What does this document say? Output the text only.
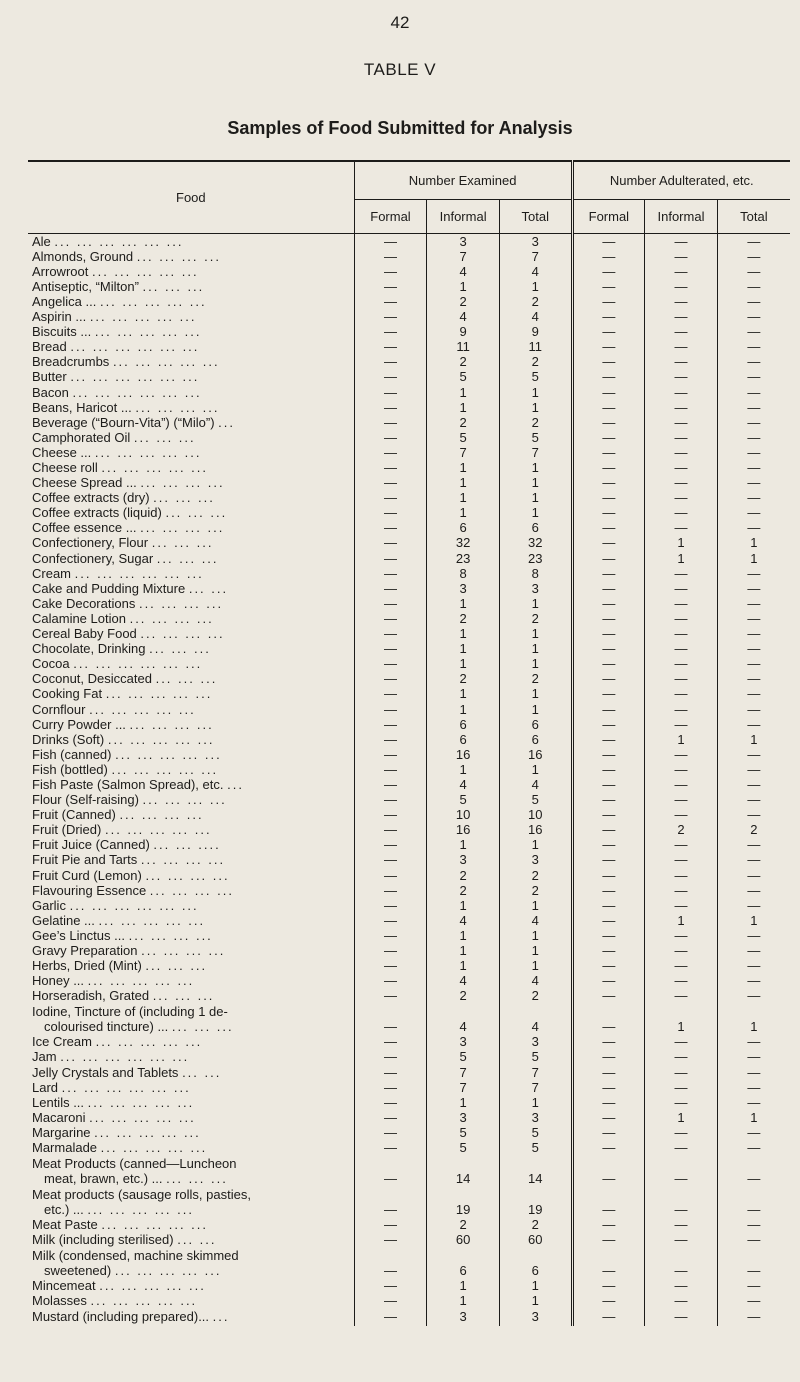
42
TABLE V
Samples of Food Submitted for Analysis
Food	Number Examined			Number Adulterated, etc.		
	Formal	Informal	Total	Formal	Informal	Total
Ale ... ... ... ... ... ...	—	3	3	—	—	—
Almonds, Ground ... ... ... ...	—	7	7	—	—	—
Arrowroot ... ... ... ... ...	—	4	4	—	—	—
Antiseptic, “Milton” ... ... ...	—	1	1	—	—	—
Angelica ... ... ... ... ... ...	—	2	2	—	—	—
Aspirin ... ... ... ... ... ...	—	4	4	—	—	—
Biscuits ... ... ... ... ... ...	—	9	9	—	—	—
Bread ... ... ... ... ... ...	—	11	11	—	—	—
Breadcrumbs ... ... ... ... ...	—	2	2	—	—	—
Butter ... ... ... ... ... ...	—	5	5	—	—	—
Bacon ... ... ... ... ... ...	—	1	1	—	—	—
Beans, Haricot ... ... ... ... ...	—	1	1	—	—	—
Beverage (“Bourn-Vita”) (“Milo”) ...	—	2	2	—	—	—
Camphorated Oil ... ... ...	—	5	5	—	—	—
Cheese ... ... ... ... ... ...	—	7	7	—	—	—
Cheese roll ... ... ... ... ...	—	1	1	—	—	—
Cheese Spread ... ... ... ... ...	—	1	1	—	—	—
Coffee extracts (dry) ... ... ...	—	1	1	—	—	—
Coffee extracts (liquid) ... ... ...	—	1	1	—	—	—
Coffee essence ... ... ... ... ...	—	6	6	—	—	—
Confectionery, Flour ... ... ...	—	32	32	—	1	1
Confectionery, Sugar ... ... ...	—	23	23	—	1	1
Cream ... ... ... ... ... ...	—	8	8	—	—	—
Cake and Pudding Mixture ... ...	—	3	3	—	—	—
Cake Decorations ... ... ... ...	—	1	1	—	—	—
Calamine Lotion ... ... ... ...	—	2	2	—	—	—
Cereal Baby Food ... ... ... ...	—	1	1	—	—	—
Chocolate, Drinking ... ... ...	—	1	1	—	—	—
Cocoa ... ... ... ... ... ...	—	1	1	—	—	—
Coconut, Desiccated ... ... ...	—	2	2	—	—	—
Cooking Fat ... ... ... ... ...	—	1	1	—	—	—
Cornflour ... ... ... ... ...	—	1	1	—	—	—
Curry Powder ... ... ... ... ...	—	6	6	—	—	—
Drinks (Soft) ... ... ... ... ...	—	6	6	—	1	1
Fish (canned) ... ... ... ... ...	—	16	16	—	—	—
Fish (bottled) ... ... ... ... ...	—	1	1	—	—	—
Fish Paste (Salmon Spread), etc. ...	—	4	4	—	—	—
Flour (Self-raising) ... ... ... ...	—	5	5	—	—	—
Fruit (Canned) ... ... ... ...	—	10	10	—	—	—
Fruit (Dried) ... ... ... ... ...	—	16	16	—	2	2
Fruit Juice (Canned) ... ... ....	—	1	1	—	—	—
Fruit Pie and Tarts ... ... ... ...	—	3	3	—	—	—
Fruit Curd (Lemon) ... ... ... ...	—	2	2	—	—	—
Flavouring Essence ... ... ... ...	—	2	2	—	—	—
Garlic ... ... ... ... ... ...	—	1	1	—	—	—
Gelatine ... ... ... ... ... ...	—	4	4	—	1	1
Gee’s Linctus ... ... ... ... ...	—	1	1	—	—	—
Gravy Preparation ... ... ... ...	—	1	1	—	—	—
Herbs, Dried (Mint) ... ... ...	—	1	1	—	—	—
Honey ... ... ... ... ... ...	—	4	4	—	—	—
Horseradish, Grated ... ... ...	—	2	2	—	—	—

Iodine, Tincture of (including 1 de-
colourised tincture) ... ... ... ...	—	4	4	—	1	1
Ice Cream ... ... ... ... ...	—	3	3	—	—	—
Jam ... ... ... ... ... ...	—	5	5	—	—	—
Jelly Crystals and Tablets ... ...	—	7	7	—	—	—
Lard ... ... ... ... ... ...	—	7	7	—	—	—
Lentils ... ... ... ... ... ...	—	1	1	—	—	—
Macaroni ... ... ... ... ...	—	3	3	—	1	1
Margarine ... ... ... ... ...	—	5	5	—	—	—
Marmalade ... ... ... ... ...	—	5	5	—	—	—

Meat Products (canned—Luncheon
meat, brawn, etc.) ... ... ... ...	—	14	14	—	—	—

Meat products (sausage rolls, pasties,
etc.) ... ... ... ... ... ...	—	19	19	—	—	—
Meat Paste ... ... ... ... ...	—	2	2	—	—	—
Milk (including sterilised) ... ...	—	60	60	—	—	—

Milk (condensed, machine skimmed
sweetened) ... ... ... ... ...	—	6	6	—	—	—
Mincemeat ... ... ... ... ...	—	1	1	—	—	—
Molasses ... ... ... ... ...	—	1	1	—	—	—
Mustard (including prepared)... ...	—	3	3	—	—	—
